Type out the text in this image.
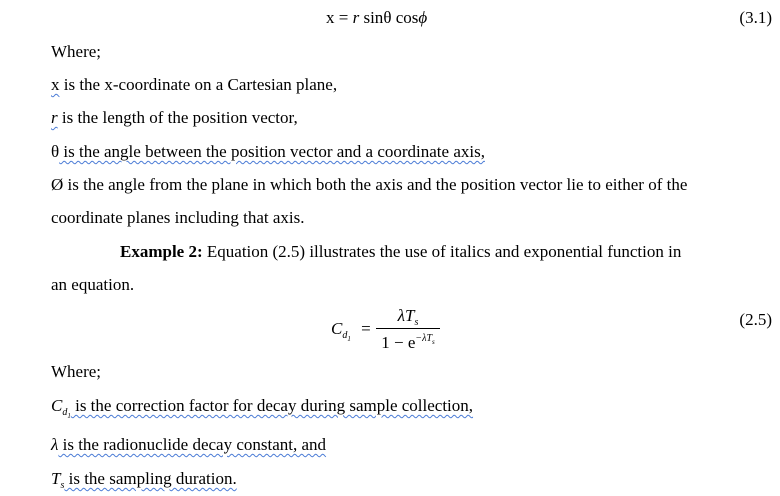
x = r sinθ cosϕ	(3.1)
Where;
x is the x-coordinate on a Cartesian plane,
r is the length of the position vector,
θ is the angle between the position vector and a coordinate axis,
Ø is the angle from the plane in which both the axis and the position vector lie to either of the
coordinate planes including that axis.
Example 2: Equation (2.5) illustrates the use of italics and exponential function in
an equation.
$C_{d_1}$ =
$\lambda T_s$
$1 - e^{-\lambda T_s}$
(2.5)
Where;
$C_{d_1}$ is the correction factor for decay during sample collection,
λ is the radionuclide decay constant, and
$T_s$ is the sampling duration.
